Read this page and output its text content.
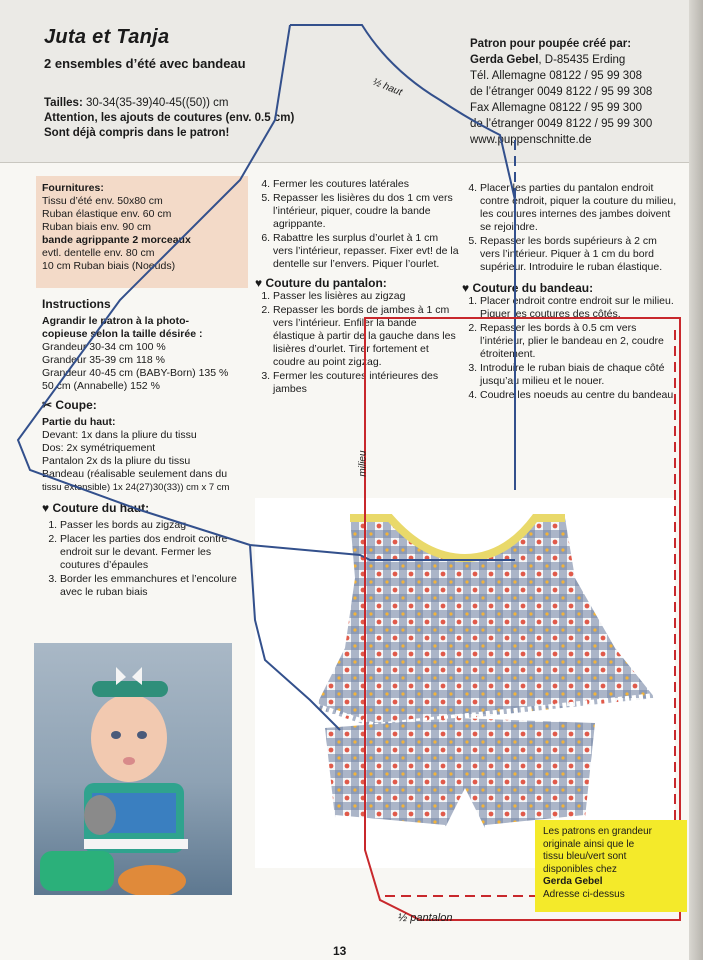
Juta et Tanja
2 ensembles d’été avec bandeau
Tailles: 30-34(35-39)40-45((50)) cm
Attention, les ajouts de coutures (env. 0.5 cm)
Sont déjà compris dans le patron!
Patron pour poupée créé par:
Gerda Gebel, D-85435 Erding
Tél. Allemagne 08122 / 95 99 308
de l’étranger 0049 8122 / 95 99 308
Fax Allemagne 08122 / 95 99 300
de l’étranger 0049 8122 / 95 99 300
www.puppenschnitte.de
Fournitures:
Tissu d’été env. 50x80 cm
Ruban élastique env. 60 cm
Ruban biais env. 90 cm
bande agrippante 2 morceaux
evtl. dentelle env. 80 cm
10 cm Ruban biais (Noeuds)
Instructions
Agrandir le patron à la photo-
copieuse selon la taille désirée :
Grandeur 30-34 cm 100 %
Grandeur 35-39 cm 118 %
Grandeur 40-45 cm (BABY-Born) 135 %
50 cm (Annabelle) 152 %
✂ Coupe:
Partie du haut:
Devant: 1x dans la pliure du tissu
Dos: 2x symétriquement
Pantalon 2x ds la pliure du tissu
Bandeau (réalisable seulement dans du
tissu extensible) 1x 24(27)30(33)) cm x 7 cm
♥ Couture du haut:
1. Passer les bords au zigzag
2. Placer les parties dos endroit contre endroit sur le devant. Fermer les coutures d’épaules
3. Border les emmanchures et l’encolure avec le ruban biais
4. Fermer les coutures latérales
5. Repasser les lisières du dos 1 cm vers l’intérieur, piquer, coudre la bande agrippante.
6. Rabattre les surplus d’ourlet à 1 cm vers l’intérieur, repasser. Fixer evt! de la dentelle sur l’envers. Piquer l’ourlet.
♥ Couture du pantalon:
1. Passer les lisières au zigzag
2. Repasser les bords de jambes à 1 cm vers l’intérieur. Enfiler la bande élastique à partir de la gauche dans les lisières d’ourlet. Tirer fortement et coudre au point zigzag.
3. Fermer les coutures intérieures des jambes
4. Placer les parties du pantalon endroit contre endroit, piquer la couture du milieu, les coutures internes des jambes doivent se rejoindre.
5. Repasser les bords supérieurs à 2 cm vers l’intérieur. Piquer à 1 cm du bord supérieur. Introduire le ruban élastique.
♥ Couture du bandeau:
1. Placer endroit contre endroit sur le milieu. Piquer les coutures des côtés.
2. Repasser les bords à 0.5 cm vers l’intérieur, plier le bandeau en 2, coudre étroitement.
3. Introduire le ruban biais de chaque côté jusqu’au milieu et le nouer.
4. Coudre les noeuds au centre du bandeau.
½ haut
milieu
½ pantalon
Les patrons en grandeur
originale ainsi que le
tissu bleu/vert sont
disponibles chez
Gerda Gebel
Adresse ci-dessus
13
